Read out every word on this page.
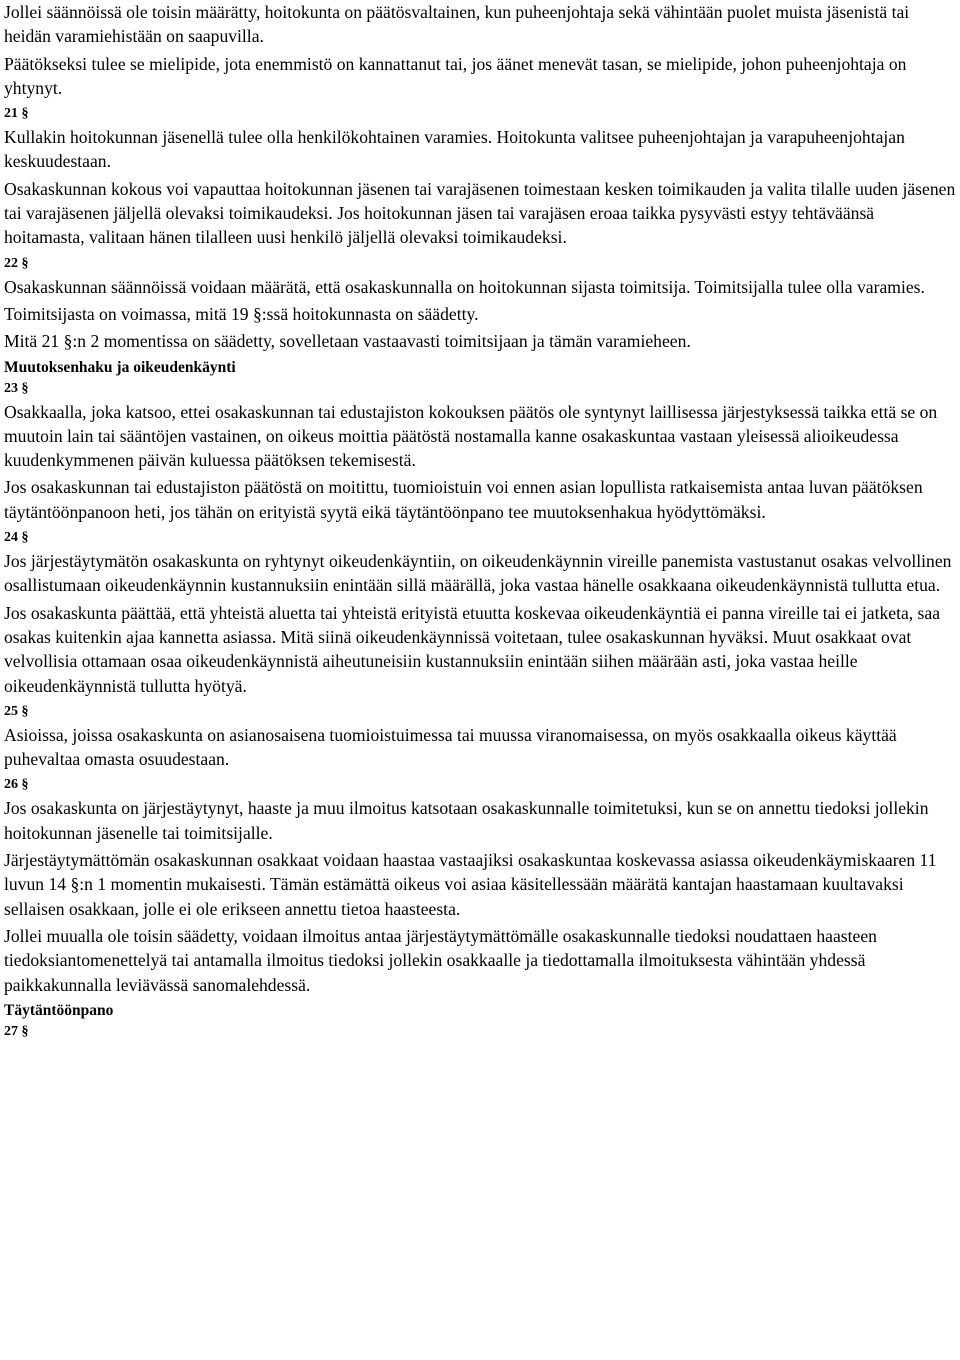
Jollei säännöissä ole toisin määrätty, hoitokunta on päätösvaltainen, kun puheenjohtaja sekä vähintään puolet muista jäsenistä tai heidän varamiehistään on saapuvilla.
Päätökseksi tulee se mielipide, jota enemmistö on kannattanut tai, jos äänet menevät tasan, se mielipide, johon puheenjohtaja on yhtynyt.
21 §
Kullakin hoitokunnan jäsenellä tulee olla henkilökohtainen varamies. Hoitokunta valitsee puheenjohtajan ja varapuheenjohtajan keskuudestaan.
Osakaskunnan kokous voi vapauttaa hoitokunnan jäsenen tai varajäsenen toimestaan kesken toimikauden ja valita tilalle uuden jäsenen tai varajäsenen jäljellä olevaksi toimikaudeksi. Jos hoitokunnan jäsen tai varajäsen eroaa taikka pysyvästi estyy tehtäväänsä hoitamasta, valitaan hänen tilalleen uusi henkilö jäljellä olevaksi toimikaudeksi.
22 §
Osakaskunnan säännöissä voidaan määrätä, että osakaskunnalla on hoitokunnan sijasta toimitsija. Toimitsijalla tulee olla varamies.
Toimitsijasta on voimassa, mitä 19 §:ssä hoitokunnasta on säädetty.
Mitä 21 §:n 2 momentissa on säädetty, sovelletaan vastaavasti toimitsijaan ja tämän varamieheen.
Muutoksenhaku ja oikeudenkäynti
23 §
Osakkaalla, joka katsoo, ettei osakaskunnan tai edustajiston kokouksen päätös ole syntynyt laillisessa järjestyksessä taikka että se on muutoin lain tai sääntöjen vastainen, on oikeus moittia päätöstä nostamalla kanne osakaskuntaa vastaan yleisessä alioikeudessa kuudenkymmenen päivän kuluessa päätöksen tekemisestä.
Jos osakaskunnan tai edustajiston päätöstä on moitittu, tuomioistuin voi ennen asian lopullista ratkaisemista antaa luvan päätöksen täytäntöönpanoon heti, jos tähän on erityistä syytä eikä täytäntöönpano tee muutoksenhakua hyödyttömäksi.
24 §
Jos järjestäytymätön osakaskunta on ryhtynyt oikeudenkäyntiin, on oikeudenkäynnin vireille panemista vastustanut osakas velvollinen osallistumaan oikeudenkäynnin kustannuksiin enintään sillä määrällä, joka vastaa hänelle osakkaana oikeudenkäynnistä tullutta etua.
Jos osakaskunta päättää, että yhteistä aluetta tai yhteistä erityistä etuutta koskevaa oikeudenkäyntiä ei panna vireille tai ei jatketa, saa osakas kuitenkin ajaa kannetta asiassa. Mitä siinä oikeudenkäynnissä voitetaan, tulee osakaskunnan hyväksi. Muut osakkaat ovat velvollisia ottamaan osaa oikeudenkäynnistä aiheutuneisiin kustannuksiin enintään siihen määrään asti, joka vastaa heille oikeudenkäynnistä tullutta hyötyä.
25 §
Asioissa, joissa osakaskunta on asianosaisena tuomioistuimessa tai muussa viranomaisessa, on myös osakkaalla oikeus käyttää puhevaltaa omasta osuudestaan.
26 §
Jos osakaskunta on järjestäytynyt, haaste ja muu ilmoitus katsotaan osakaskunnalle toimitetuksi, kun se on annettu tiedoksi jollekin hoitokunnan jäsenelle tai toimitsijalle.
Järjestäytymättömän osakaskunnan osakkaat voidaan haastaa vastaajiksi osakaskuntaa koskevassa asiassa oikeudenkäymiskaaren 11 luvun 14 §:n 1 momentin mukaisesti. Tämän estämättä oikeus voi asiaa käsitellessään määrätä kantajan haastamaan kuultavaksi sellaisen osakkaan, jolle ei ole erikseen annettu tietoa haasteesta.
Jollei muualla ole toisin säädetty, voidaan ilmoitus antaa järjestäytymättömälle osakaskunnalle tiedoksi noudattaen haasteen tiedoksiantomenettelyä tai antamalla ilmoitus tiedoksi jollekin osakkaalle ja tiedottamalla ilmoituksesta vähintään yhdessä paikkakunnalla leviävässä sanomalehdessä.
Täytäntöönpano
27 §
